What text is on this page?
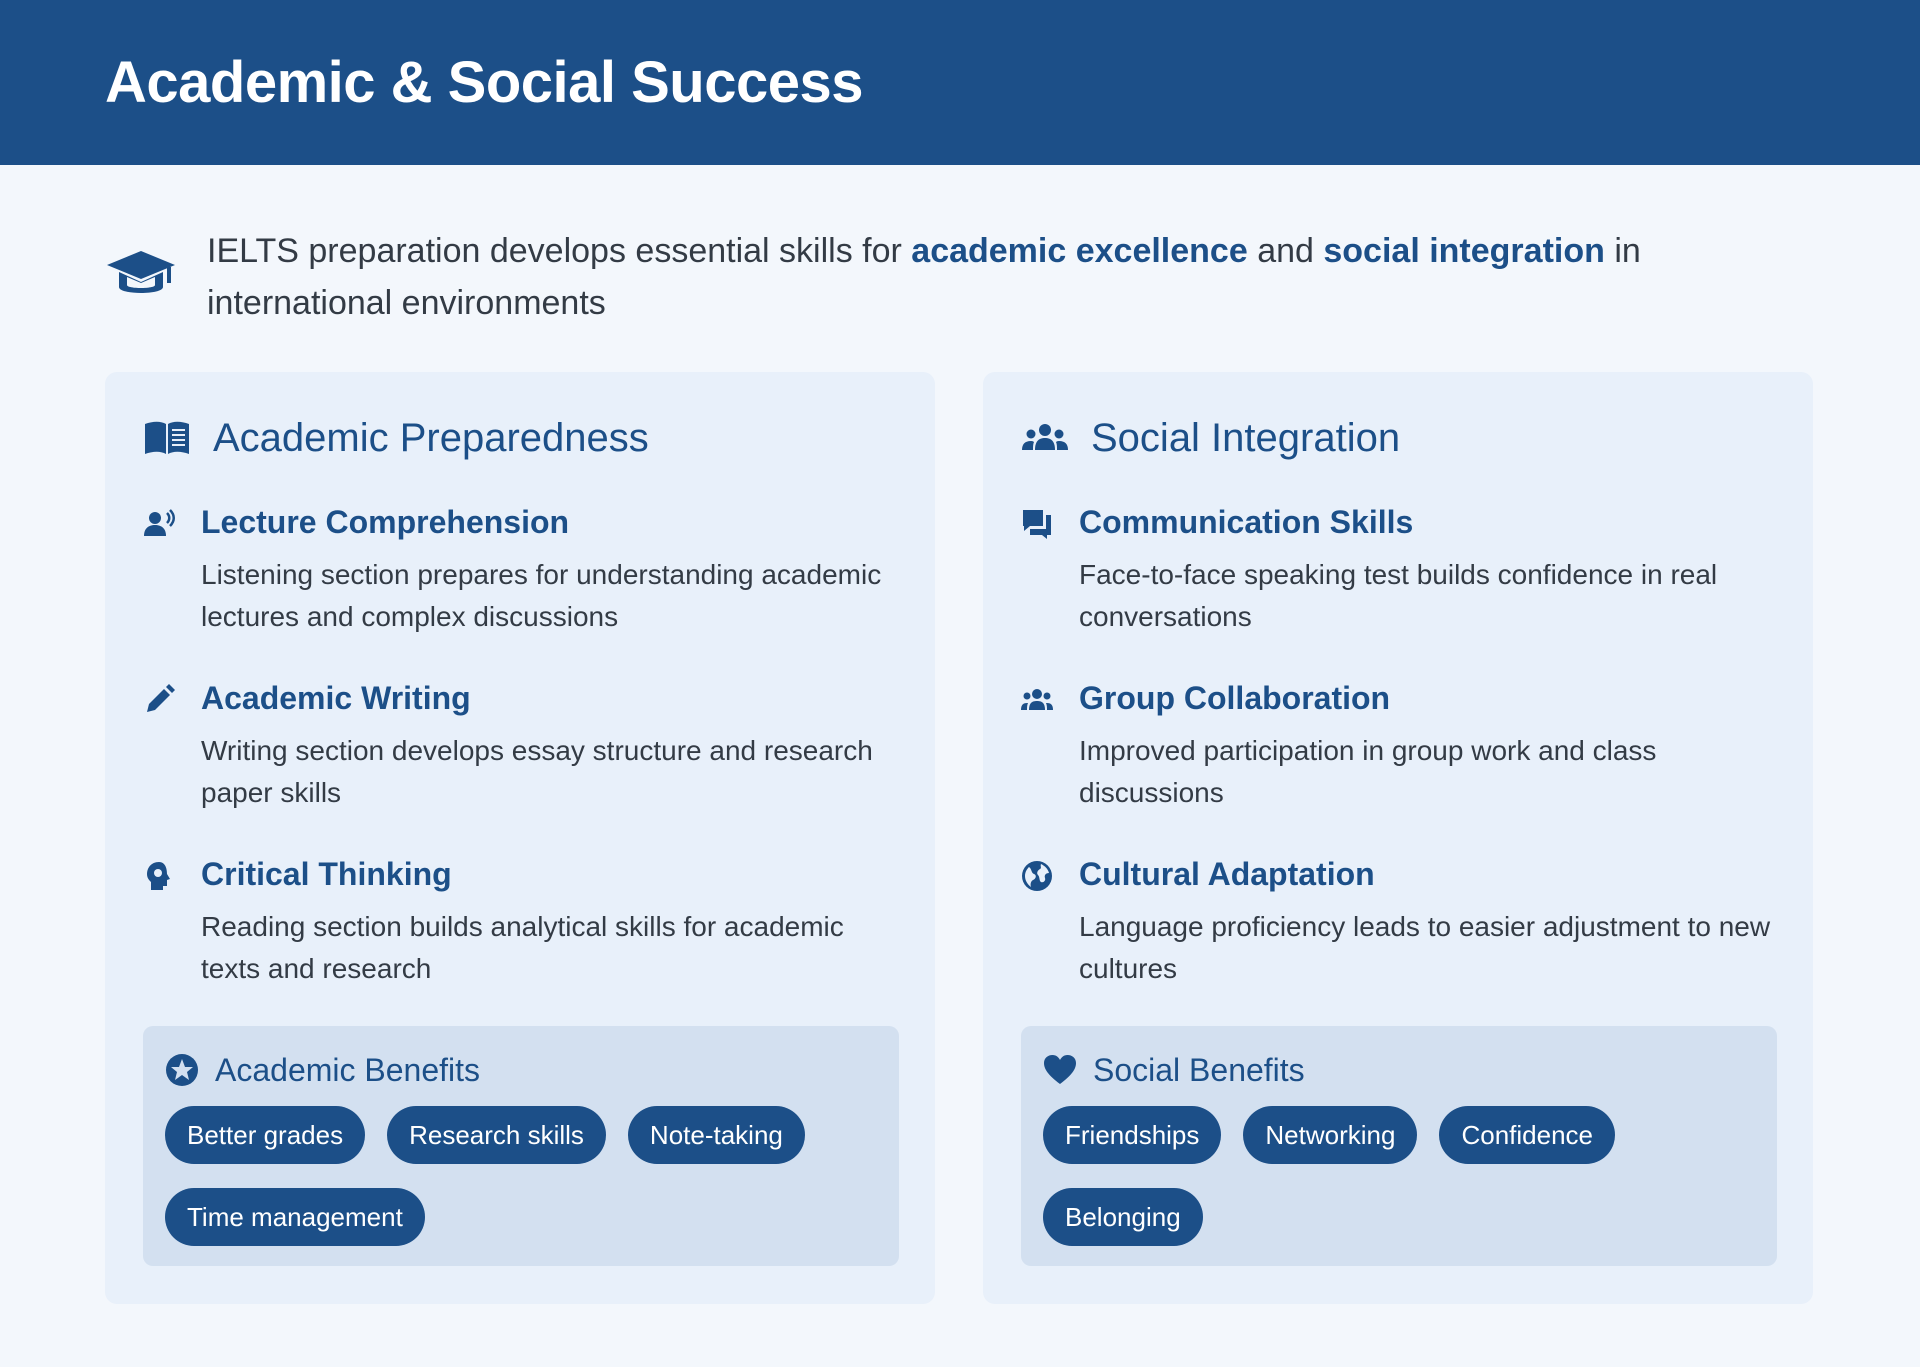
Academic & Social Success
IELTS preparation develops essential skills for academic excellence and social integration in international environments
Academic Preparedness
Lecture Comprehension

Listening section prepares for understanding academic lectures and complex discussions

Academic Writing

Writing section develops essay structure and research paper skills

Critical Thinking

Reading section builds analytical skills for academic texts and research

Academic Benefits
Better grades	Research skills	Note-taking
Time management
Social Integration
Communication Skills

Face-to-face speaking test builds confidence in real conversations

Group Collaboration

Improved participation in group work and class discussions

Cultural Adaptation

Language proficiency leads to easier adjustment to new cultures

Social Benefits
Friendships	Networking	Confidence
Belonging
